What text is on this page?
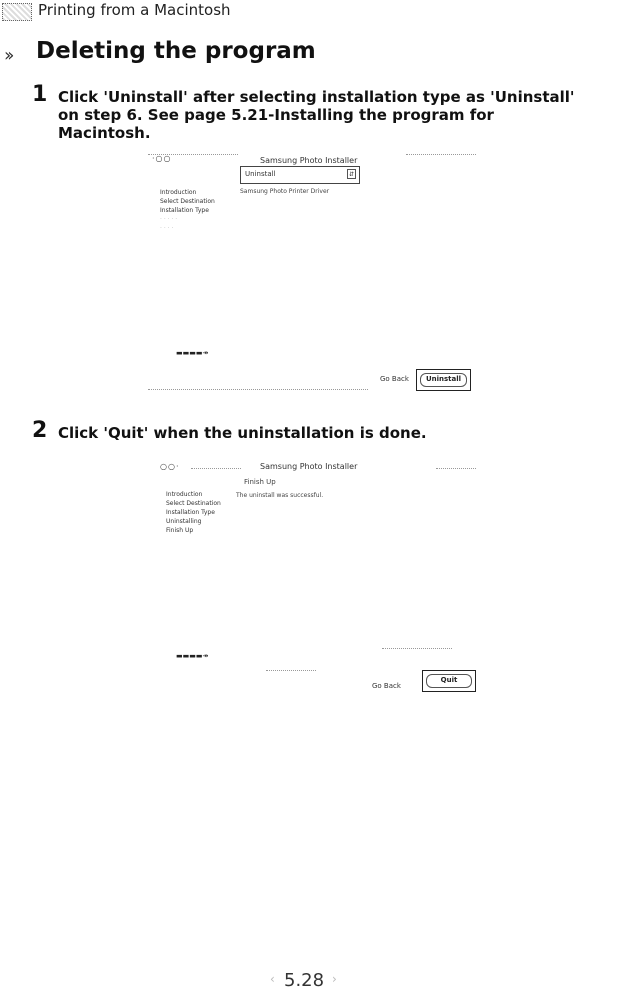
Printing from a Macintosh
›› Deleting the program
1 Click 'Uninstall' after selecting installation type as 'Uninstall'
on step 6. See page 5.21-Installing the program for
Macintosh.
·○○	Samsung Photo Installer
Uninstall	⇵
Samsung Photo Printer Driver
Introduction
Select Destination
Installation Type
· · · · ·
· · · ·
▬▬▬▬↠
Go Back	Uninstall
2 Click 'Quit' when the uninstallation is done.
○○·	Samsung Photo Installer
Finish Up
The uninstall was successful.
Introduction
Select Destination
Installation Type
Uninstalling
Finish Up
▬▬▬▬↠
Go Back
Quit
‹ 5.28 ›
